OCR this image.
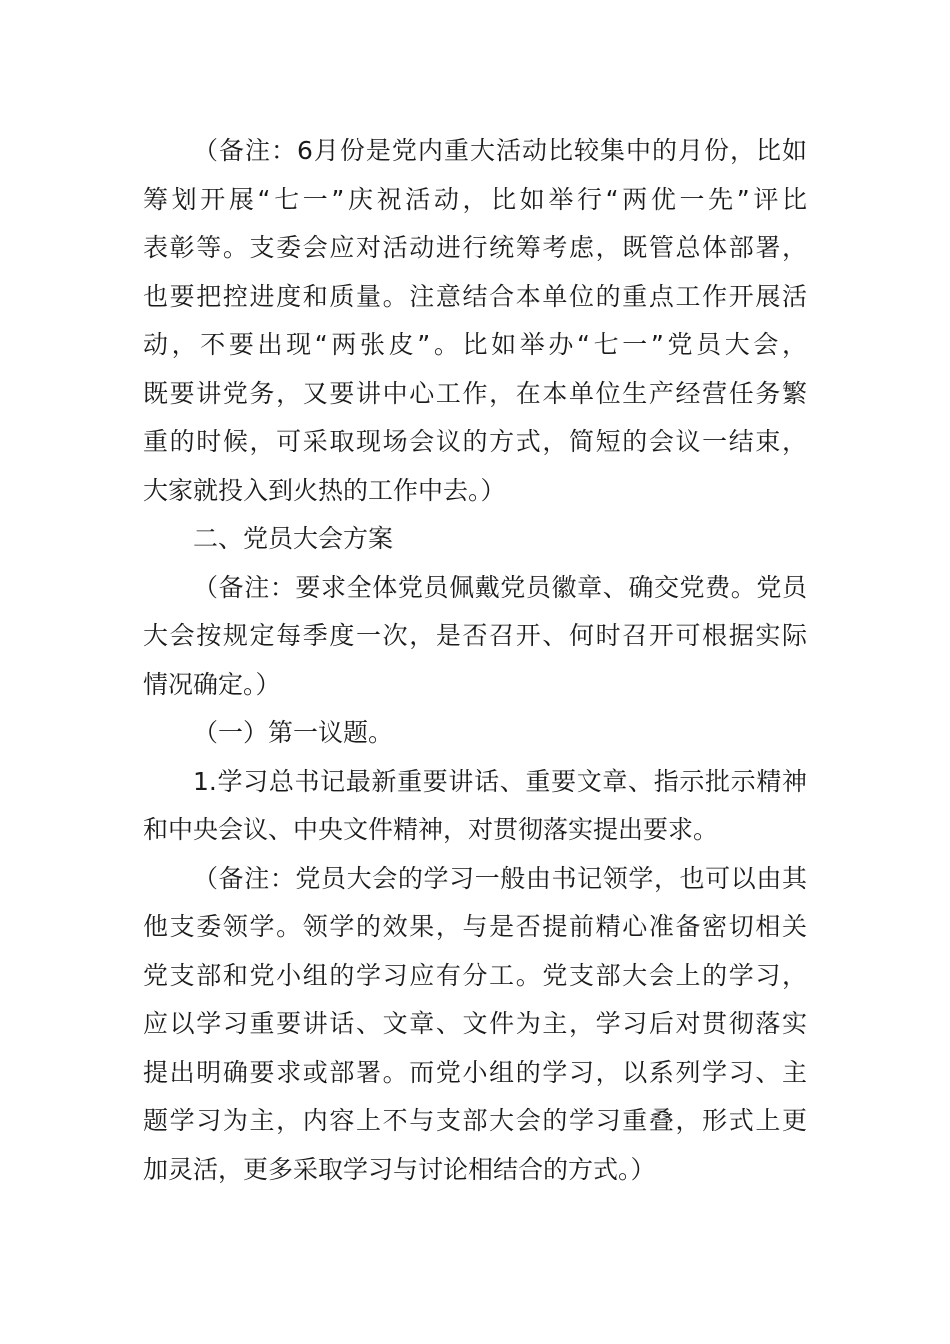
（备注：6月份是党内重大活动比较集中的月份，比如
筹划开展“七一”庆祝活动，比如举行“两优一先”评比
表彰等。支委会应对活动进行统筹考虑，既管总体部署，
也要把控进度和质量。注意结合本单位的重点工作开展活
动，不要出现“两张皮”。比如举办“七一”党员大会，
既要讲党务，又要讲中心工作，在本单位生产经营任务繁
重的时候，可采取现场会议的方式，简短的会议一结束，
大家就投入到火热的工作中去。）
二、党员大会方案
（备注：要求全体党员佩戴党员徽章、确交党费。党员
大会按规定每季度一次，是否召开、何时召开可根据实际
情况确定。）
（一）第一议题。
1.学习总书记最新重要讲话、重要文章、指示批示精神
和中央会议、中央文件精神，对贯彻落实提出要求。
（备注：党员大会的学习一般由书记领学，也可以由其
他支委领学。领学的效果，与是否提前精心准备密切相关
党支部和党小组的学习应有分工。党支部大会上的学习，
应以学习重要讲话、文章、文件为主，学习后对贯彻落实
提出明确要求或部署。而党小组的学习，以系列学习、主
题学习为主，内容上不与支部大会的学习重叠，形式上更
加灵活，更多采取学习与讨论相结合的方式。）
